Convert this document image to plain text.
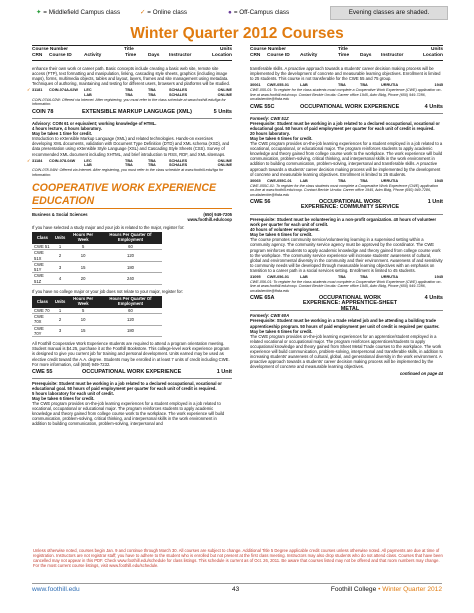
✦ = Middlefield Campus class	✓ = Online class	● = Off-Campus class	Evening classes are shaded.
Winter Quarter 2012 Courses
Course Number	Title	Units
CRN Course ID	Activity	Time Days Instructor	Location
Course Number	Title	Units
CRN Course ID Activity	Time Days Instructor	Location

enhance their own work or career path. Basic concepts include creating a basic web site, remote site access (FTP), text formatting and manipulation, linking, cascading style sheets, graphics (including image maps), forms, multimedia objects, tables and layout, layers, frames and site management using metadata. Techniques of authoring, maintaining and testing for different users, browsers and platforms will be studied.

✓ 31181 COIN-074A-02W LEC	TBA	TBA	SCHALES	ONLINE
LAB	TBA	TBA	SCHALES	ONLINE

COIN-074A-02W: Offered via Internet. After registering, you must refer to the class schedule at www.foothill.edu/fga for information.

COIN 78	EXTENSIBLE MARKUP LANGUAGE (XML)	5 Units

Advisory: COIN 61 or equivalent; working knowledge of HTML.

4 hours lecture, 4 hours laboratory.

May be taken 1 time for credit.

Introduction to eXtensible Markup Language (XML) and related technologies. Hands-on exercises developing XML documents, validation with Document Type Definition (DTD) and XML schema (XSD), and data presentation using eXtensible Style Language (XSL) and Cascading Style Sheets (CSS). Survey of recommended XML document including XHTML, and brief introduction to RSS, RDF, and XML sitemaps.

✓ 31184 COIN-078-04W LEC	TBA	TBA	SCHALES	ONLINE
LAB	TBA	TBA	SCHALES	ONLINE

COIN-078-04W: Offered via Internet. After registering, you must refer to the class schedule at www.foothill.edu/fga for information.

COOPERATIVE WORK EXPERIENCE EDUCATION
Business & Social Sciences	(650) 949-7205
www.foothill.edu/coop

If you have selected a study major and your job is related to the major, register for:

Class	Units	Hours Per Week	Hours Per Quarter Of Employment
CWE 51	1	5	60
CWE 51X	2	10	120
CWE 51Y	3	15	180
CWE 51Z	4	20	240

If you have no college major or your job does not relate to your major, register for:

Class	Units	Hours Per Week	Hours Per Quarter Of Employment
CWE 70	1	5	60
CWE 70X	2	10	120
CWE 70Y	3	15	180

All Foothill Cooperative Work Experience students are required to attend a program orientation meeting. Student manual is $4.25, purchase it at the Foothill Bookstore. This college-level work experience program is designed to give you current job for training and personal development. Units earned may be used as elective credit toward the A.A. degree. Students may be enrolled in at least 7 units of credit including CWE. For more information, call (650) 949-7232.

CWE 55	OCCUPATIONAL WORK EXPERIENCE	1 Unit

Prerequisite: Student must be working in a job related to a declared occupational, vocational or educational goal. 50 hours of paid employment per quarter for each unit of credit is required.

5 hours laboratory for each unit of credit.

May be taken 6 times for credit.

The CWE program provides on-the-job learning experiences for a student employed in a job related to vocational, occupational or educational major. The program reinforces students to apply academic knowledge and theory gained from college course work to the workplace. The work experience will build communication, problem-solving, critical thinking, and interpersonal skills in the work environment in addition to building communication, problem-solving, interpersonal and

transferable skills. A proactive approach towards a students' career decision making process will be implemented by the development of concrete and measurable learning objectives. Enrollment is limited to 25 students. This course is not transferable for the CWE 55 and 75 group.

30061 CWE-055-01	LAB	TBA	TBA	URRUTIA	1945

CWE-055-01: To register for the class students must complete a Cooperative Work Experience (CWE) application on-line at www.foothill.edu/coop. Contact Beckie Urrutia: Career office 1945, Adm Bldg, Phone (650) 949-7286, urrutiabeckie@fhda.edu

CWE 55C	OCCUPATIONAL WORK EXPERIENCE	4 Units

Formerly: CWE 51Z

Prerequisite: Student must be working in a job related to a declared occupational, vocational or educational goal. 50 hours of paid employment per quarter for each unit of credit is required.

20 hours laboratory.

May be taken 6 times for credit.

The CWE program provides on-the-job learning experiences for a student employed in a job related to a vocational, occupational, or educational major. The program reinforces students to apply academic knowledge and theory gained from college course work to the workplace. The work experience will build communication, problem-solving, critical thinking, and interpersonal skills in the work environment in addition to building communication, problem-solving, interpersonal and transferable skills. A proactive approach towards a students' career decision making process will be implemented by the development of concrete and measurable learning objectives. Enrollment is limited to 25 students.

30065 CWE-055C-01 LAB	TBA	TBA	URRUTIA	1945

CWE-055C-01: To register for the class students must complete a Cooperative Work Experience (CWE) application on-line at www.foothill.edu/coop. Contact Beckie Urrutia: Career office 1945, Adm Bldg, Phone (650) 949-7286, urrutiabeckie@fhda.edu

CWE 56	OCCUPATIONAL WORK EXPERIENCE: COMMUNITY SERVICE
1 Unit

Prerequisite: Student must be volunteering in a non-profit organization. 40 hours of volunteer work per quarter for each unit of credit.

40 hours of volunteer employment.

May be taken 6 times for credit.

The course promotes community service/volunteering learning in a supervised setting within a community agency. The community service agency must be approved by the coordinator. The CWE program reinforces students to apply academic knowledge and theory gained from college course work to the workplace. The community service experience will increase students' awareness of cultural, global and environmental diversity in the community and their environment. Awareness of and sensitivity to community needs will be developed through measurable learning objectives with an emphasis on transition to a career path in a social services setting. Enrollment is limited to 45 students.

31095 CWE-056-01	LAB	TBA	TBA	URRUTIA	1945

CWE-056-01: To register for the class students must complete a Cooperative Work Experience (CWE) application on-line at www.foothill.edu/coop. Contact Beckie Urrutia: Career office 1945, Adm Bldg, Phone (650) 949-7286, urrutiabeckie@fhda.edu

CWE 65A	OCCUPATIONAL WORK EXPERIENCE: APPRENTICE-SHEET METAL
4 Units

Formerly: CWE 60A

Prerequisite: Student must be working in a trade related job and be attending a building trade apprenticeship program. 50 hours of paid employment per unit of credit is required per quarter.

May be taken 6 times for credit.

The CWE program provides on-the-job learning experiences for an apprentice/student employed in a related vocational or occupational major. The program reinforces apprentices/students to apply occupational knowledge and theory gained from Sheet Metal Trade courses to the workplace. The work experience will build communication, problem-solving, interpersonal and transferable skills, in addition to increasing students' awareness of cultural, global, and generational diversity in the work environment. A proactive approach towards a students' career decision making process will be implemented by the development of concrete and measurable learning objectives.

continued on page 44
Unless otherwise noted, courses begin Jan. 9 and continue through March 30. All courses are subject to change. Additional Title 5 Degree applicable credit courses unless otherwise noted. All payments are due at time of registration. Instructors are not registrar staff; you have to adhere to the student who is enrolled but not present at the first class meeting. Instructors may also drop students who do not attend class. Courses that have been cancelled may not appear in this PDF. Check www.foothill.edu/schedule for class listings. This schedule is current as of Oct. 26, 2011. Be aware that courses listed may not be offered and that room numbers may change. For the most current course listings, visit www.foothill.edu/schedule.
www.foothill.edu	43	Foothill College • Winter Quarter 2012
